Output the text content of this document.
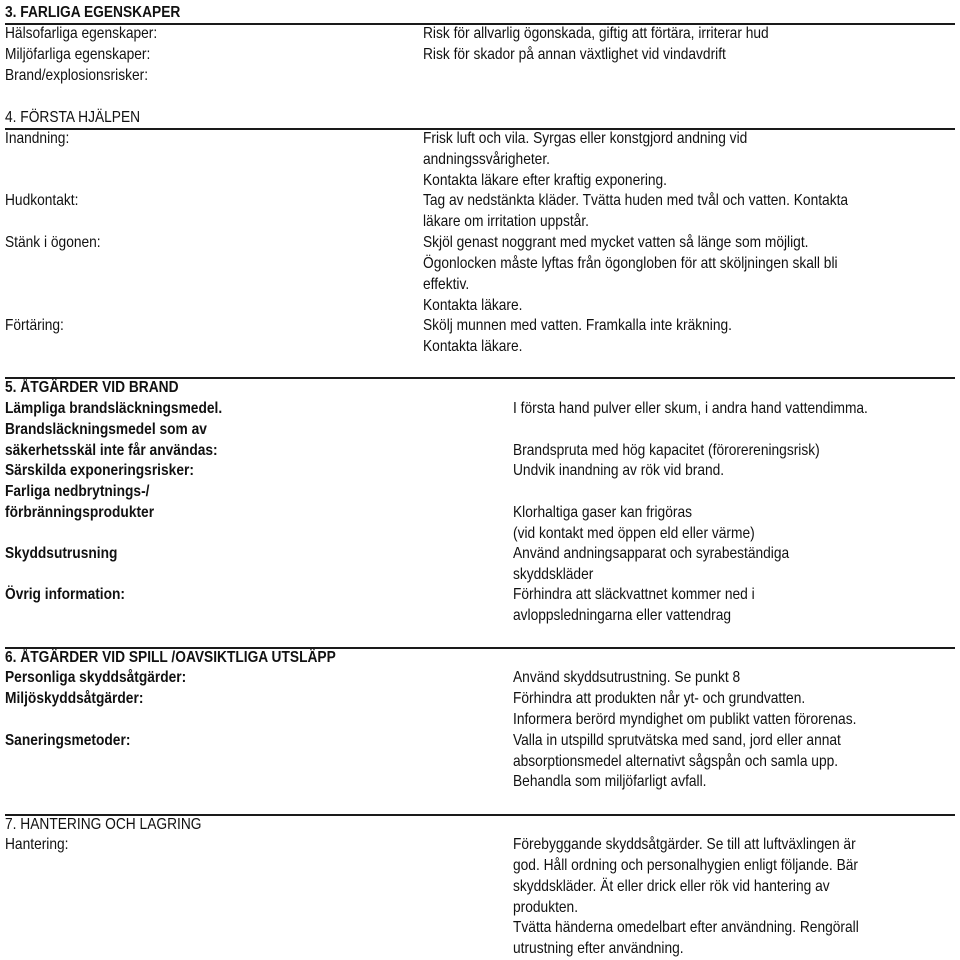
3. FARLIGA EGENSKAPER
Hälsofarliga egenskaper:	Risk för allvarlig ögonskada, giftig att förtära, irriterar hud
Miljöfarliga egenskaper:	Risk för skador på annan växtlighet vid vindavdrift
Brand/explosionsrisker:
4. FÖRSTA HJÄLPEN
Inandning:	Frisk luft och vila. Syrgas eller konstgjord andning vid
andningssvårigheter.
Kontakta läkare efter kraftig exponering.
Hudkontakt:	Tag av nedstänkta kläder. Tvätta huden med tvål och vatten. Kontakta
läkare om irritation uppstår.
Stänk i ögonen:	Skjöl genast noggrant med mycket vatten så länge som möjligt.
Ögonlocken måste lyftas från ögongloben för att sköljningen skall bli
effektiv.
Kontakta läkare.
Förtäring:	Skölj munnen med vatten. Framkalla inte kräkning.
Kontakta läkare.
5. ÅTGÄRDER VID BRAND
Lämpliga brandsläckningsmedel.	I första hand pulver eller skum, i andra hand vattendimma.
Brandsläckningsmedel som av
säkerhetsskäl inte får användas:	Brandspruta med hög kapacitet (förorereningsrisk)
Särskilda exponeringsrisker:	Undvik inandning av rök vid brand.
Farliga nedbrytnings-/
förbränningsprodukter	Klorhaltiga gaser kan frigöras
(vid kontakt med öppen eld eller värme)
Skyddsutrusning	Använd andningsapparat och syrabeständiga
skyddskläder
Övrig information:	Förhindra att släckvattnet kommer ned i
avloppsledningarna eller vattendrag
6. ÅTGÄRDER VID SPILL /OAVSIKTLIGA UTSLÄPP
Personliga skyddsåtgärder:	Använd skyddsutrustning. Se punkt 8
Miljöskyddsåtgärder:	Förhindra att produkten når yt- och grundvatten.
Informera berörd myndighet om publikt vatten förorenas.
Saneringsmetoder:	Valla in utspilld sprutvätska med sand, jord eller annat
absorptionsmedel alternativt sågspån och samla upp.
Behandla som miljöfarligt avfall.
7. HANTERING OCH LAGRING
Hantering:	Förebyggande skyddsåtgärder. Se till att luftväxlingen är
god. Håll ordning och personalhygien enligt följande. Bär
skyddskläder. Ät eller drick eller rök vid hantering av
produkten.
Tvätta händerna omedelbart efter användning. Rengörall
utrustning efter användning.
